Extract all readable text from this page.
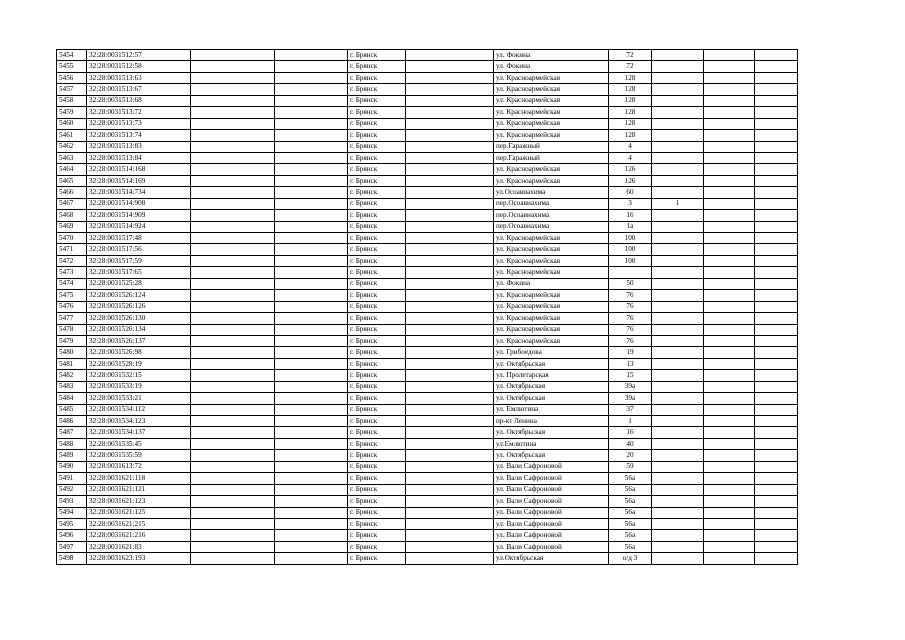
5454	32:28:0031512:57			г. Брянск		ул. Фокина	72			
5455	32:28:0031512:58			г. Брянск		ул. Фокина	72			
5456	32:28:0031513:63			г. Брянск		ул. Красноармейская	128			
5457	32:28:0031513:67			г. Брянск		ул. Красноармейская	128			
5458	32:28:0031513:68			г. Брянск		ул. Красноармейская	128			
5459	32:28:0031513:72			г. Брянск		ул. Красноармейская	128			
5460	32:28:0031513:73			г. Брянск		ул. Красноармейская	128			
5461	32:28:0031513:74			г. Брянск		ул. Красноармейская	128			
5462	32:28:0031513:83			г. Брянск		пер.Гаражный	4			
5463	32:28:0031513:84			г. Брянск		пер.Гаражный	4			
5464	32:28:0031514:168			г. Брянск		ул. Красноармейская	126			
5465	32:28:0031514:169			г. Брянск		ул. Красноармейская	126			
5466	32:28:0031514:734			г. Брянск		ул.Осоавиахима	60			
5467	32:28:0031514:908			г. Брянск		пер.Осоавиахима	3	1		
5468	32:28:0031514:909			г. Брянск		пер.Осоавиахима	16			
5469	32:28:0031514:924			г. Брянск		пер.Осоавиахима	1а			
5470	32:28:0031517:48			г. Брянск		ул. Красноармейская	100			
5471	32:28:0031517:56			г. Брянск		ул. Красноармейская	100			
5472	32:28:0031517:59			г. Брянск		ул. Красноармейская	100			
5473	32:28:0031517:65			г. Брянск		ул. Красноармейская				
5474	32:28:0031525:28			г. Брянск		ул. Фокина	50			
5475	32:28:0031526:124			г. Брянск		ул. Красноармейская	76			
5476	32:28:0031526:126			г. Брянск		ул. Красноармейская	76			
5477	32:28:0031526:130			г. Брянск		ул. Красноармейская	76			
5478	32:28:0031526:134			г. Брянск		ул. Красноармейская	76			
5479	32:28:0031526:137			г. Брянск		ул. Красноармейская	76			
5480	32:28:0031526:98			г. Брянск		ул. Грибоедова	19			
5481	32:28:0031528:19			г. Брянск		ул. Октябрьская	13			
5482	32:28:0031532:15			г. Брянск		ул. Пролетарская	15			
5483	32:28:0031533:19			г. Брянск		ул. Октябрьская	39а			
5484	32:28:0031533:21			г. Брянск		ул. Октябрьская	39а			
5485	32:28:0031534:112			г. Брянск		ул. Емлютина	37			
5486	32:28:0031534:123			г. Брянск		пр-кт Ленина	1			
5487	32:28:0031534:137			г. Брянск		ул. Октябрьская	16			
5488	32:28:0031535:45			г. Брянск		ул.Емлютина	40			
5489	32:28:0031535:59			г. Брянск		ул. Октябрьская	20			
5490	32:28:0031613:72			г. Брянск		ул. Вали Сафроновой	59			
5491	32:28:0031621:118			г. Брянск		ул. Вали Сафроновой	56а			
5492	32:28:0031621:121			г. Брянск		ул. Вали Сафроновой	56а			
5493	32:28:0031621:123			г. Брянск		ул. Вали Сафроновой	56а			
5494	32:28:0031621:125			г. Брянск		ул. Вали Сафроновой	56а			
5495	32:28:0031621:215			г. Брянск		ул. Вали Сафроновой	56а			
5496	32:28:0031621:216			г. Брянск		ул. Вали Сафроновой	56а			
5497	32:28:0031621:83			г. Брянск		ул. Вали Сафроновой	56а			
5498	32:28:0031623:193			г. Брянск		ул.Октябрьская	о/д 3			
